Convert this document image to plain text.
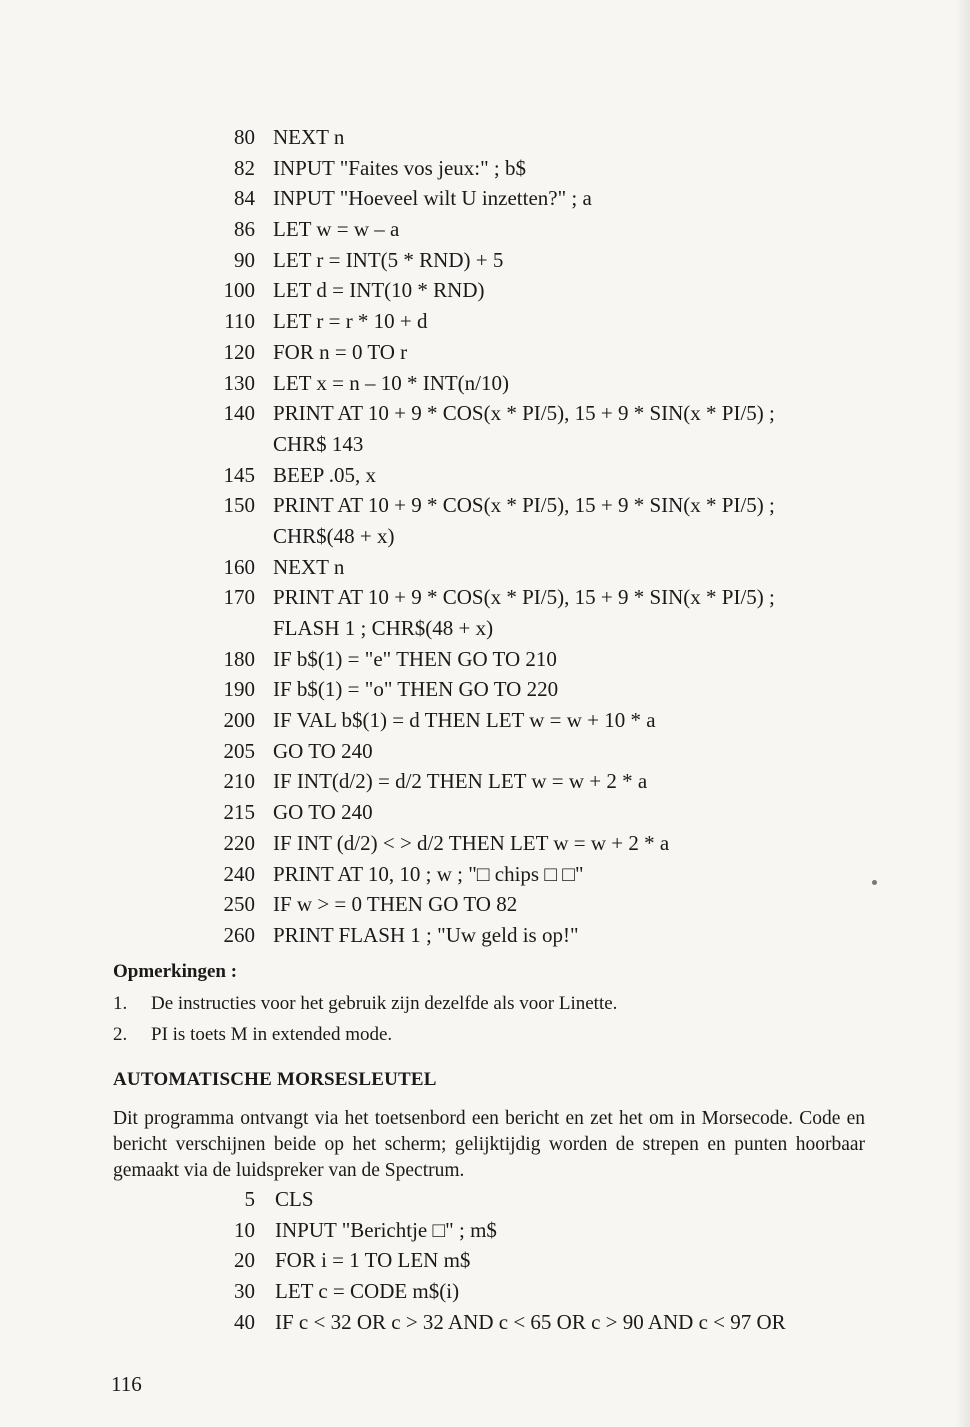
80 NEXT n
82 INPUT "Faites vos jeux:" ; b$
84 INPUT "Hoeveel wilt U inzetten?" ; a
86 LET w = w – a
90 LET r = INT(5 * RND) + 5
100 LET d = INT(10 * RND)
110 LET r = r * 10 + d
120 FOR n = 0 TO r
130 LET x = n – 10 * INT(n/10)
140 PRINT AT 10 + 9 * COS(x * PI/5), 15 + 9 * SIN(x * PI/5) ;
CHR$ 143
145 BEEP .05, x
150 PRINT AT 10 + 9 * COS(x * PI/5), 15 + 9 * SIN(x * PI/5) ;
CHR$(48 + x)
160 NEXT n
170 PRINT AT 10 + 9 * COS(x * PI/5), 15 + 9 * SIN(x * PI/5) ;
FLASH 1 ; CHR$(48 + x)
180 IF b$(1) = "e" THEN GO TO 210
190 IF b$(1) = "o" THEN GO TO 220
200 IF VAL b$(1) = d THEN LET w = w + 10 * a
205 GO TO 240
210 IF INT(d/2) = d/2 THEN LET w = w + 2 * a
215 GO TO 240
220 IF INT (d/2) < > d/2 THEN LET w = w + 2 * a
240 PRINT AT 10, 10 ; w ; "□ chips □ □"
250 IF w > = 0 THEN GO TO 82
260 PRINT FLASH 1 ; "Uw geld is op!"
Opmerkingen :
1. De instructies voor het gebruik zijn dezelfde als voor Linette.
2. PI is toets M in extended mode.
AUTOMATISCHE MORSESLEUTEL
Dit programma ontvangt via het toetsenbord een bericht en zet het om in Morsecode. Code en bericht verschijnen beide op het scherm; gelijktijdig worden de strepen en punten hoorbaar gemaakt via de luidspreker van de Spectrum.
5 CLS
10 INPUT "Berichtje □" ; m$
20 FOR i = 1 TO LEN m$
30 LET c = CODE m$(i)
40 IF c < 32 OR c > 32 AND c < 65 OR c > 90 AND c < 97 OR
116
